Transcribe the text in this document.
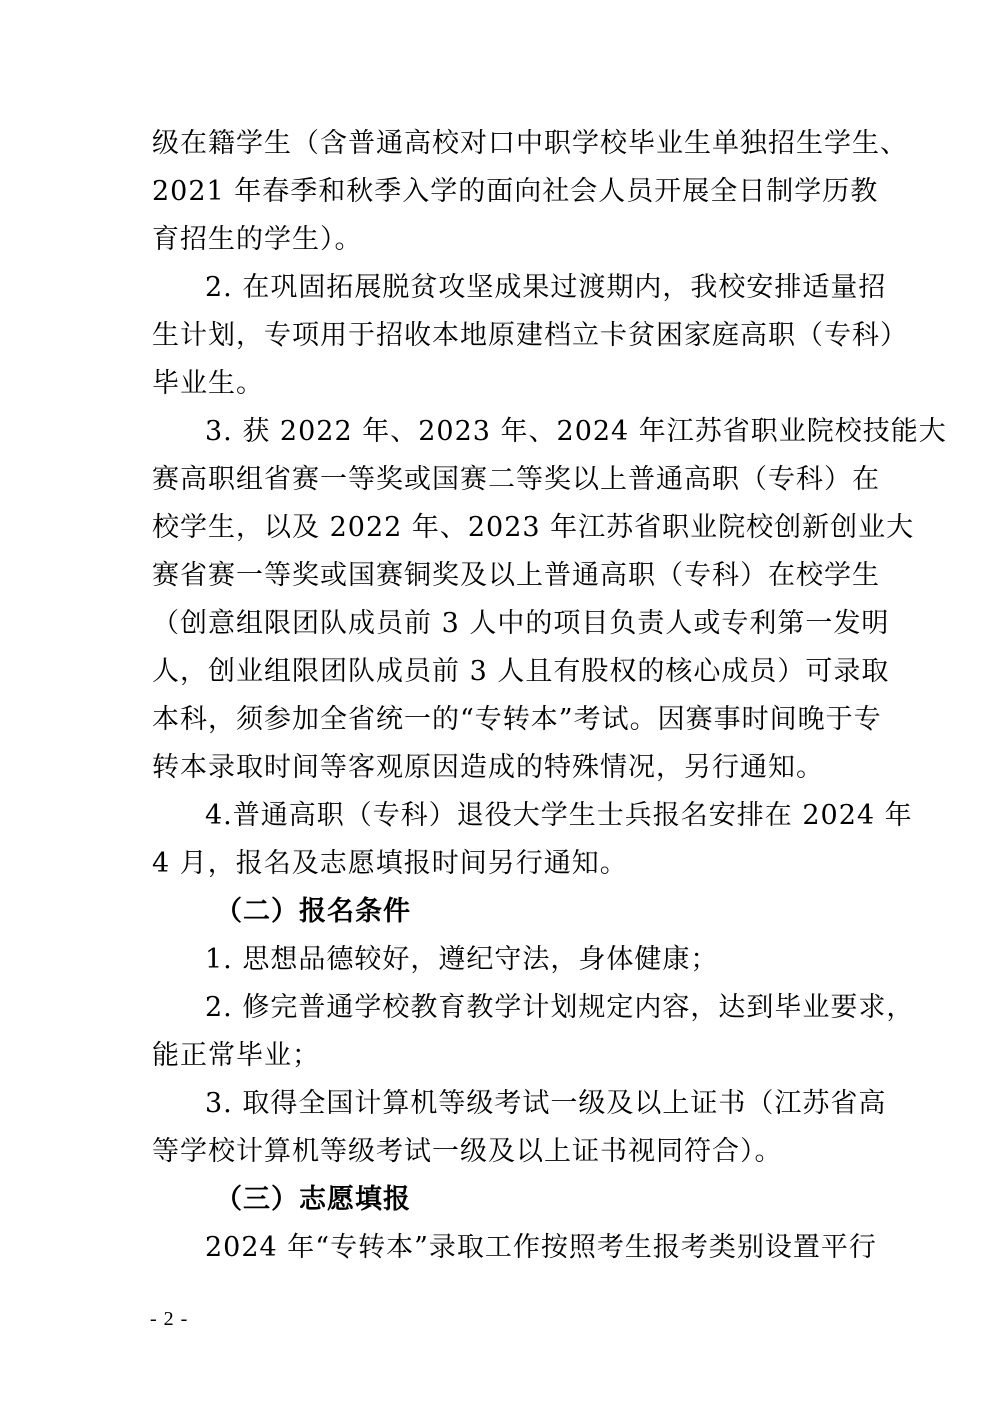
级在籍学生（含普通高校对口中职学校毕业生单独招生学生、
2021 年春季和秋季入学的面向社会人员开展全日制学历教
育招生的学生）。
2. 在巩固拓展脱贫攻坚成果过渡期内，我校安排适量招
生计划，专项用于招收本地原建档立卡贫困家庭高职（专科）
毕业生。
3. 获 2022 年、2023 年、2024 年江苏省职业院校技能大
赛高职组省赛一等奖或国赛二等奖以上普通高职（专科）在
校学生，以及 2022 年、2023 年江苏省职业院校创新创业大
赛省赛一等奖或国赛铜奖及以上普通高职（专科）在校学生
（创意组限团队成员前 3 人中的项目负责人或专利第一发明
人，创业组限团队成员前 3 人且有股权的核心成员）可录取
本科，须参加全省统一的“专转本”考试。因赛事时间晚于专
转本录取时间等客观原因造成的特殊情况，另行通知。
4.普通高职（专科）退役大学生士兵报名安排在 2024 年
4 月，报名及志愿填报时间另行通知。
（二）报名条件
1. 思想品德较好，遵纪守法，身体健康；
2. 修完普通学校教育教学计划规定内容，达到毕业要求，
能正常毕业；
3. 取得全国计算机等级考试一级及以上证书（江苏省高
等学校计算机等级考试一级及以上证书视同符合）。
（三）志愿填报
2024 年“专转本”录取工作按照考生报考类别设置平行
- 2 -
